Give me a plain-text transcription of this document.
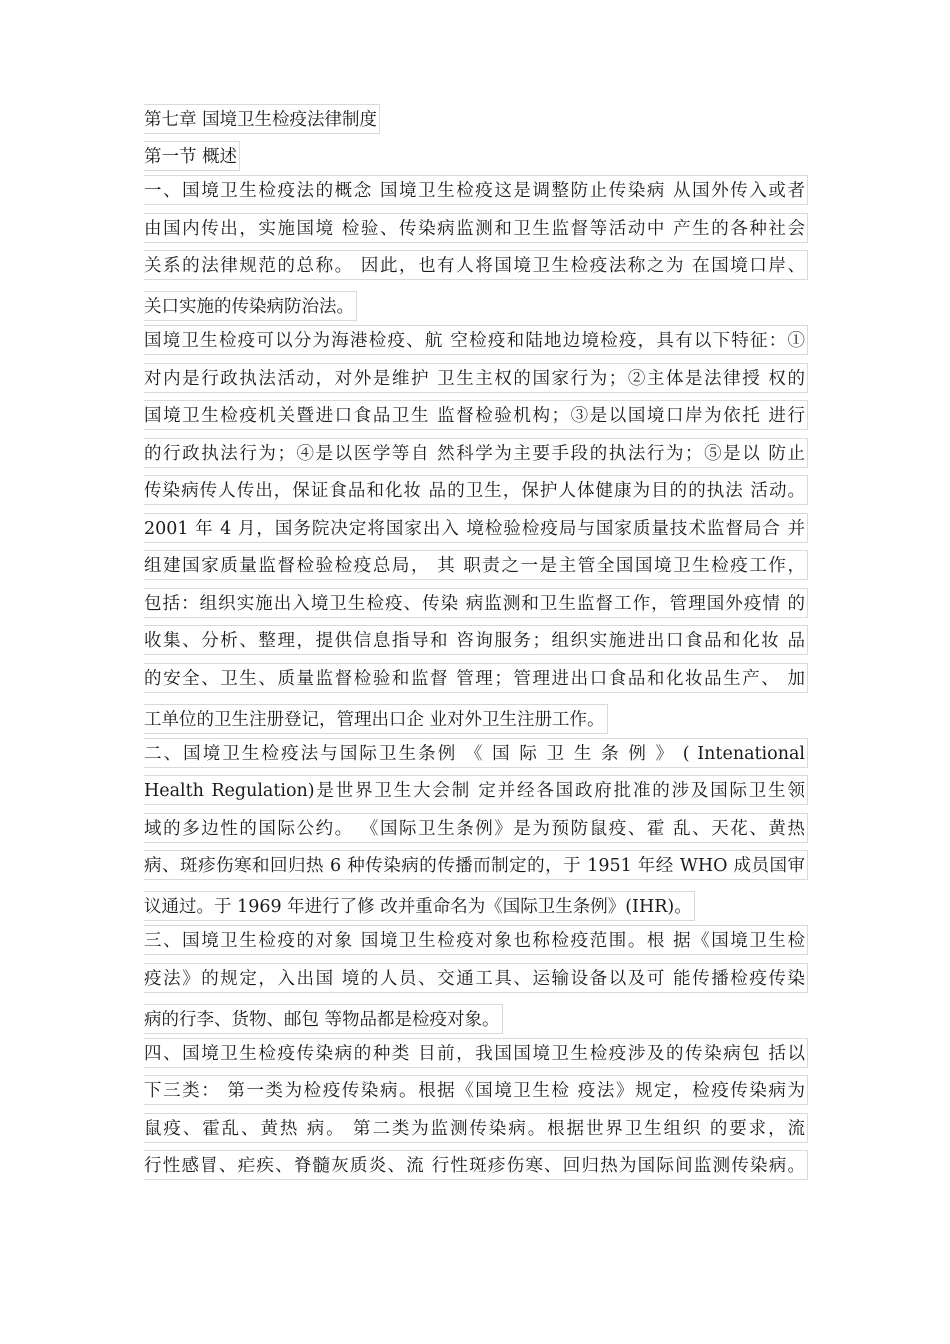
第七章 国境卫生检疫法律制度
第一节 概述
一、国境卫生检疫法的概念 国境卫生检疫这是调整防止传染病 从国外传入或者
由国内传出，实施国境 检验、传染病监测和卫生监督等活动中 产生的各种社会
关系的法律规范的总称。 因此，也有人将国境卫生检疫法称之为 在国境口岸、
关口实施的传染病防治法。
国境卫生检疫可以分为海港检疫、航 空检疫和陆地边境检疫，具有以下特征：①
对内是行政执法活动，对外是维护 卫生主权的国家行为；②主体是法律授 权的
国境卫生检疫机关暨进口食品卫生 监督检验机构；③是以国境口岸为依托 进行
的行政执法行为；④是以医学等自 然科学为主要手段的执法行为；⑤是以 防止
传染病传人传出，保证食品和化妆 品的卫生，保护人体健康为目的的执法 活动。
2001 年 4 月，国务院决定将国家出入 境检验检疫局与国家质量技术监督局合 并
组建国家质量监督检验检疫总局， 其 职责之一是主管全国国境卫生检疫工作，
包括：组织实施出入境卫生检疫、传染 病监测和卫生监督工作，管理国外疫情 的
收集、分析、整理，提供信息指导和 咨询服务；组织实施进出口食品和化妆 品
的安全、卫生、质量监督检验和监督 管理；管理进出口食品和化妆品生产、 加
工单位的卫生注册登记，管理出口企 业对外卫生注册工作。
二、国境卫生检疫法与国际卫生条例 《 国 际 卫 生 条 例 》 ( Intenational
Health Regulation)是世界卫生大会制 定并经各国政府批准的涉及国际卫生领
域的多边性的国际公约。 《国际卫生条例》是为预防鼠疫、霍 乱、天花、黄热
病、斑疹伤寒和回归热 6 种传染病的传播而制定的，于 1951 年经 WHO 成员国审
议通过。于 1969 年进行了修 改并重命名为《国际卫生条例》(IHR)。
三、国境卫生检疫的对象 国境卫生检疫对象也称检疫范围。根 据《国境卫生检
疫法》的规定，入出国 境的人员、交通工具、运输设备以及可 能传播检疫传染
病的行李、货物、邮包 等物品都是检疫对象。
四、国境卫生检疫传染病的种类 目前，我国国境卫生检疫涉及的传染病包 括以
下三类： 第一类为检疫传染病。根据《国境卫生检 疫法》规定，检疫传染病为
鼠疫、霍乱、黄热 病。 第二类为监测传染病。根据世界卫生组织 的要求，流
行性感冒、疟疾、脊髓灰质炎、流 行性斑疹伤寒、回归热为国际间监测传染病。
